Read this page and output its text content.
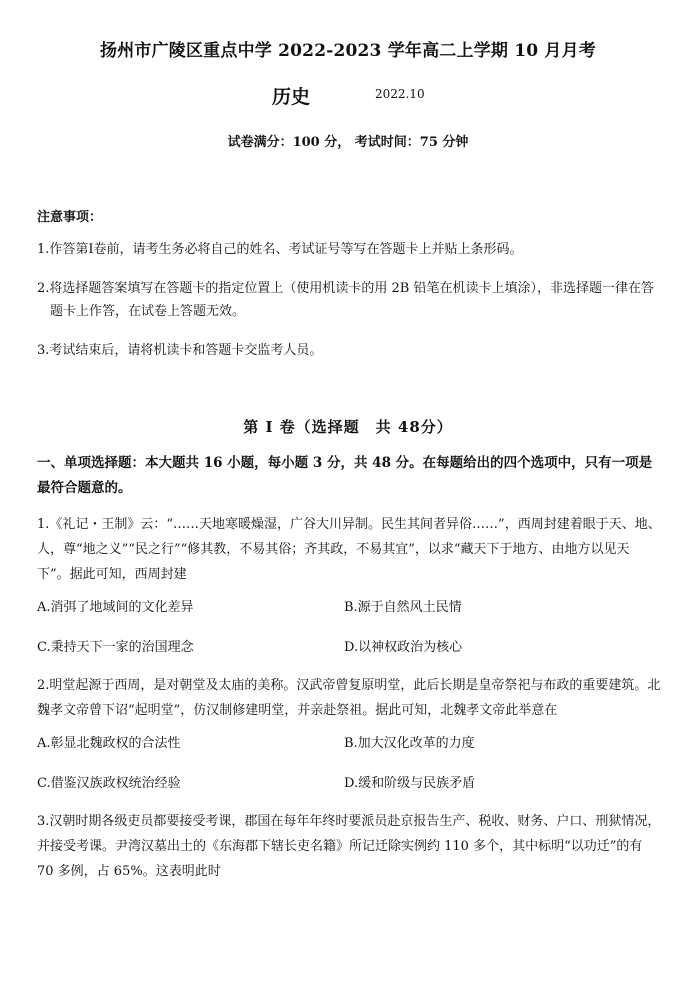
扬州市广陵区重点中学 2022-2023 学年高二上学期 10 月月考
历史	2022.10
试卷满分：100 分， 考试时间：75 分钟
注意事项：

1.作答第Ⅰ卷前，请考生务必将自己的姓名、考试证号等写在答题卡上并贴上条形码。

2.将选择题答案填写在答题卡的指定位置上（使用机读卡的用 2B 铅笔在机读卡上填涂），非选择题一律在答题卡上作答，在试卷上答题无效。

3.考试结束后，请将机读卡和答题卡交监考人员。

第 Ⅰ 卷（选择题　共 48分）
一、单项选择题：本大题共 16 小题，每小题 3 分，共 48 分。在每题给出的四个选项中，只有一项是最符合题意的。

1.《礼记・王制》云：“……天地寒暖燥湿，广谷大川异制。民生其间者异俗……”，西周封建着眼于天、地、人，尊“地之义”“民之行”“修其教，不易其俗；齐其政，不易其宜”，以求“藏天下于地方、由地方以见天下”。据此可知，西周封建

A.消弭了地域间的文化差异	B.源于自然风土民情
C.秉持天下一家的治国理念	D.以神权政治为核心

2.明堂起源于西周，是对朝堂及太庙的美称。汉武帝曾复原明堂，此后长期是皇帝祭祀与布政的重要建筑。北魏孝文帝曾下诏“起明堂”，仿汉制修建明堂，并亲赴祭祖。据此可知，北魏孝文帝此举意在

A.彰显北魏政权的合法性	B.加大汉化改革的力度
C.借鉴汉族政权统治经验	D.缓和阶级与民族矛盾

3.汉朝时期各级吏员都要接受考课，郡国在每年年终时要派员赴京报告生产、税收、财务、户口、刑狱情况，并接受考课。尹湾汉墓出土的《东海郡下辖长吏名籍》所记迁除实例约 110 多个，其中标明“以功迁”的有 70 多例，占 65%。这表明此时
